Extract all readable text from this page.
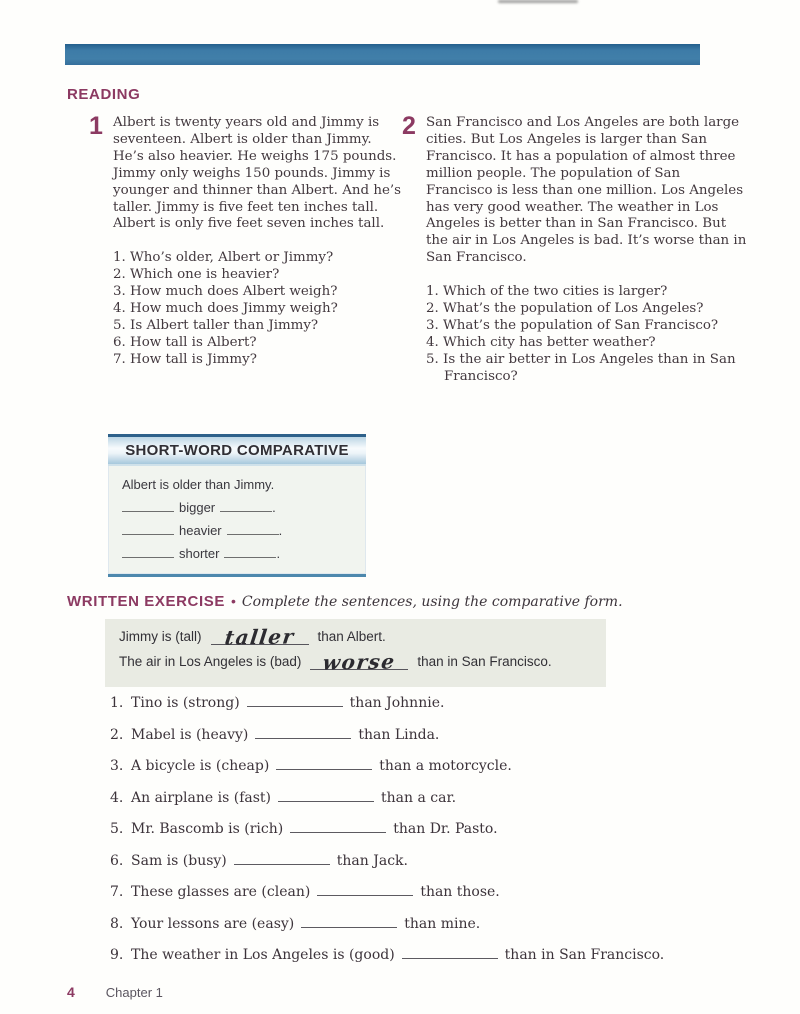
READING
1 Albert is twenty years old and Jimmy is seventeen. Albert is older than Jimmy. He’s also heavier. He weighs 175 pounds. Jimmy only weighs 150 pounds. Jimmy is younger and thinner than Albert. And he’s taller. Jimmy is five feet ten inches tall. Albert is only five feet seven inches tall.

1. Who’s older, Albert or Jimmy?
2. Which one is heavier?
3. How much does Albert weigh?
4. How much does Jimmy weigh?
5. Is Albert taller than Jimmy?
6. How tall is Albert?
7. How tall is Jimmy?
2 San Francisco and Los Angeles are both large cities. But Los Angeles is larger than San Francisco. It has a population of almost three million people. The population of San Francisco is less than one million. Los Angeles has very good weather. The weather in Los Angeles is better than in San Francisco. But the air in Los Angeles is bad. It’s worse than in San Francisco.

1. Which of the two cities is larger?
2. What’s the population of Los Angeles?
3. What’s the population of San Francisco?
4. Which city has better weather?
5. Is the air better in Los Angeles than in San Francisco?
SHORT-WORD COMPARATIVE
Albert is older than Jimmy.
bigger	.
heavier	.
shorter	.
WRITTEN EXERCISE • Complete the sentences, using the comparative form.
Jimmy is (tall) taller than Albert.
The air in Los Angeles is (bad) worse than in San Francisco.
1. Tino is (strong)	than Johnnie.
2. Mabel is (heavy)	than Linda.
3. A bicycle is (cheap)	than a motorcycle.
4. An airplane is (fast)	than a car.
5. Mr. Bascomb is (rich)	than Dr. Pasto.
6. Sam is (busy)	than Jack.
7. These glasses are (clean)	than those.
8. Your lessons are (easy)	than mine.
9. The weather in Los Angeles is (good)	than in San Francisco.
4 Chapter 1
